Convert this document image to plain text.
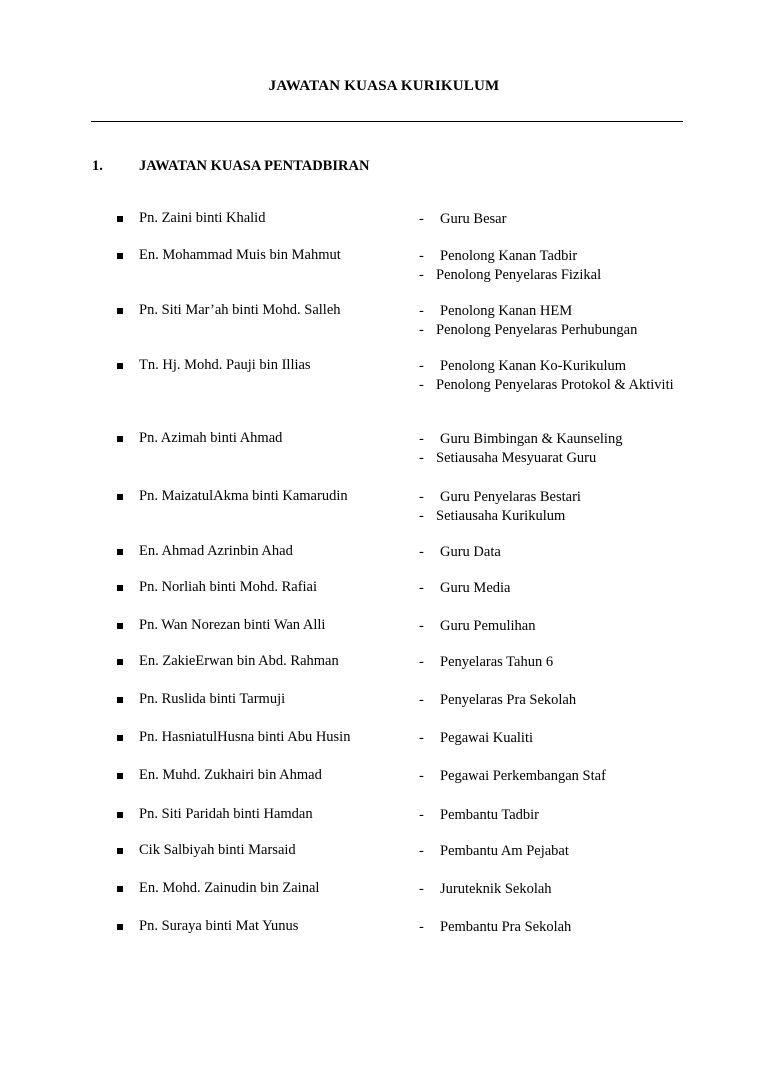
JAWATAN KUASA KURIKULUM
1. JAWATAN KUASA PENTADBIRAN
Pn. Zaini binti Khalid	-	Guru Besar
En. Mohammad Muis bin Mahmut	-	Penolong Kanan Tadbir
- Penolong Penyelaras Fizikal
Pn. Siti Mar’ah binti Mohd. Salleh	-	Penolong Kanan HEM
- Penolong Penyelaras Perhubungan
Tn. Hj. Mohd. Pauji bin Illias	-	Penolong Kanan Ko-Kurikulum
- Penolong Penyelaras Protokol & Aktiviti
Pn. Azimah binti Ahmad	-	Guru Bimbingan & Kaunseling
- Setiausaha Mesyuarat Guru
Pn. MaizatulAkma binti Kamarudin	-	Guru Penyelaras Bestari
- Setiausaha Kurikulum
En. Ahmad Azrinbin Ahad	-	Guru Data
Pn. Norliah binti Mohd. Rafiai	-	Guru Media
Pn. Wan Norezan binti Wan Alli	-	Guru Pemulihan
En. ZakieErwan bin Abd. Rahman	-	Penyelaras Tahun 6
Pn. Ruslida binti Tarmuji	-	Penyelaras Pra Sekolah
Pn. HasniatulHusna binti Abu Husin	-	Pegawai Kualiti
En. Muhd. Zukhairi bin Ahmad	-	Pegawai Perkembangan Staf
Pn. Siti Paridah binti Hamdan	-	Pembantu Tadbir
Cik Salbiyah binti Marsaid	-	Pembantu Am Pejabat
En. Mohd. Zainudin bin Zainal	-	Juruteknik Sekolah
Pn. Suraya binti Mat Yunus	-	Pembantu Pra Sekolah
